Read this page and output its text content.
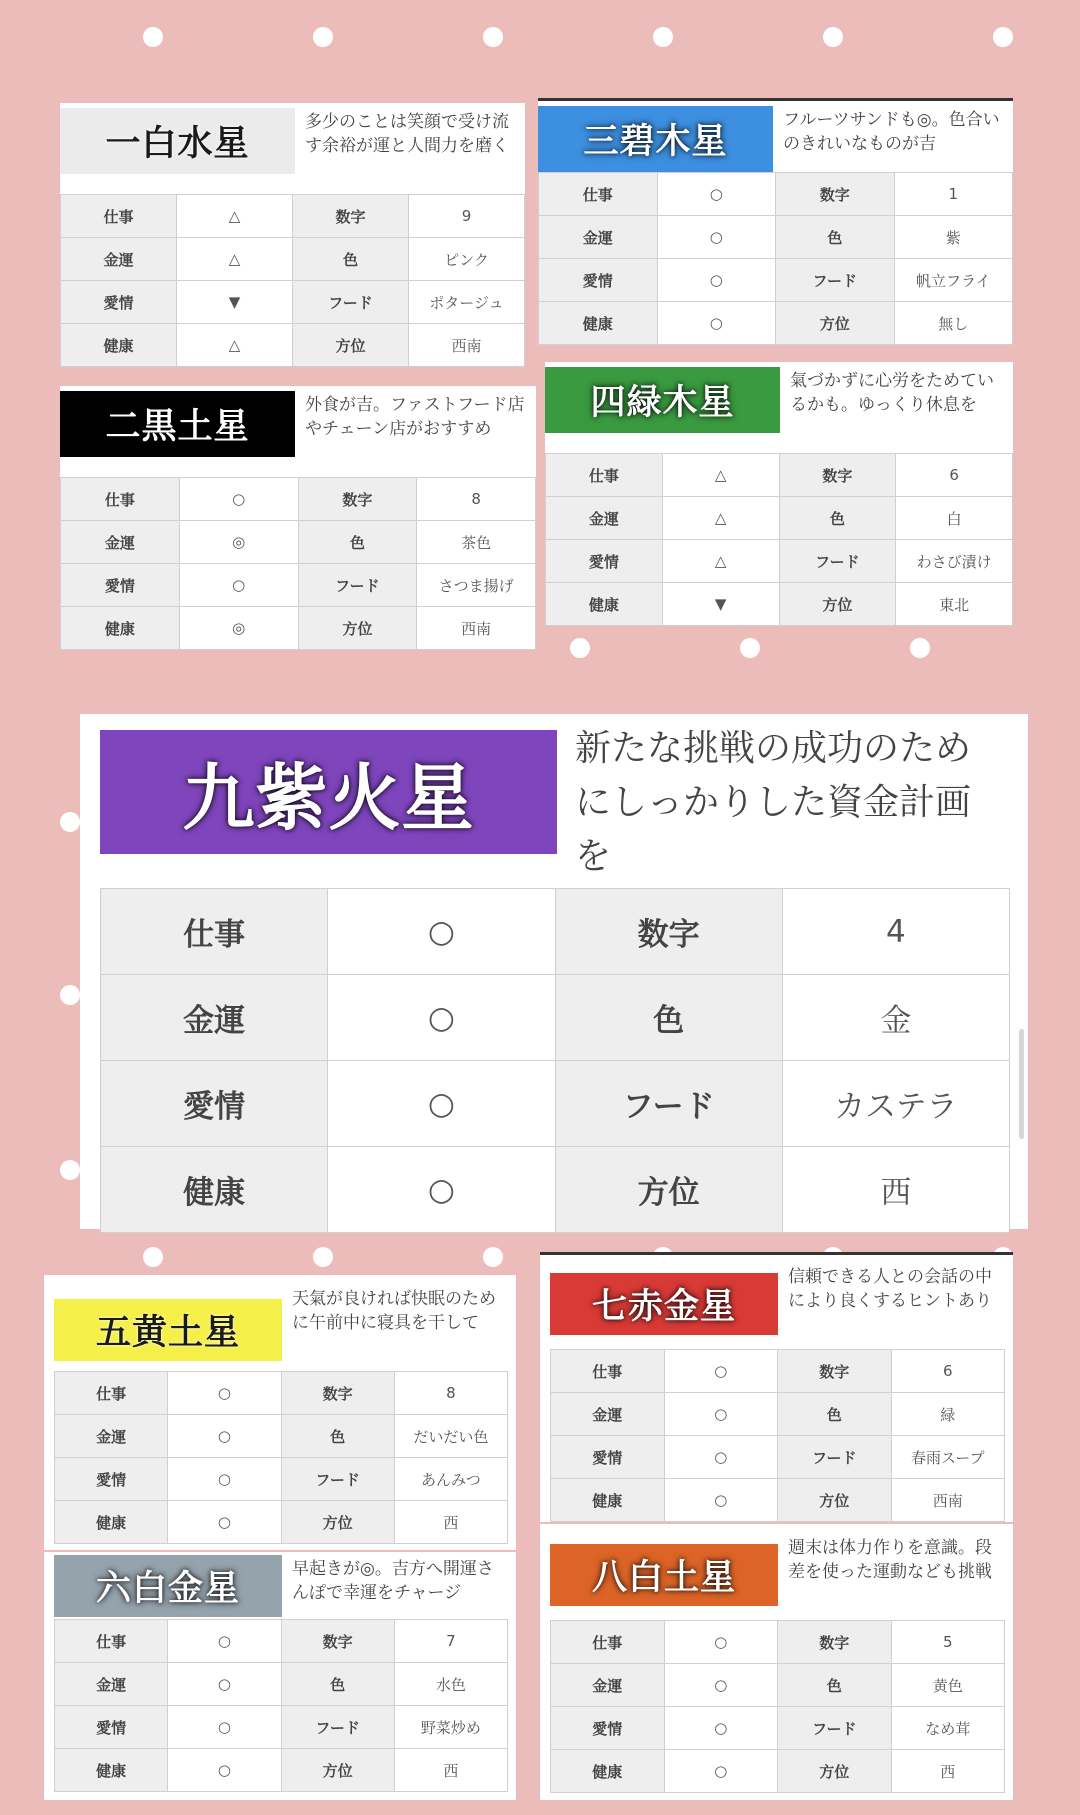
一白水星
多少のことは笑顔で受け流す余裕が運と人間力を磨く
仕事	△	数字	9
金運	△	色	ピンク
愛情	▼	フード	ポタージュ
健康	△	方位	西南
二黒土星
外食が吉。ファストフード店やチェーン店がおすすめ
仕事	○	数字	8
金運	◎	色	茶色
愛情	○	フード	さつま揚げ
健康	◎	方位	西南
三碧木星
フルーツサンドも◎。色合いのきれいなものが吉
仕事	○	数字	1
金運	○	色	紫
愛情	○	フード	帆立フライ
健康	○	方位	無し
四緑木星
氣づかずに心労をためているかも。ゆっくり休息を
仕事	△	数字	6
金運	△	色	白
愛情	△	フード	わさび漬け
健康	▼	方位	東北
九紫火星
新たな挑戦の成功のためにしっかりした資金計画を
仕事	○	数字	4
金運	○	色	金
愛情	○	フード	カステラ
健康	○	方位	西
五黄土星
天氣が良ければ快眠のために午前中に寝具を干して
仕事	○	数字	8
金運	○	色	だいだい色
愛情	○	フード	あんみつ
健康	○	方位	西
六白金星	早起きが◎。吉方へ開運さんぽで幸運をチャージ
仕事	○	数字	7
金運	○	色	水色
愛情	○	フード	野菜炒め
健康	○	方位	西
七赤金星
信頼できる人との会話の中により良くするヒントあり
仕事	○	数字	6
金運	○	色	緑
愛情	○	フード	春雨スープ
健康	○	方位	西南
八白土星
週末は体力作りを意識。段差を使った運動なども挑戦
仕事	○	数字	5
金運	○	色	黄色
愛情	○	フード	なめ茸
健康	○	方位	西
